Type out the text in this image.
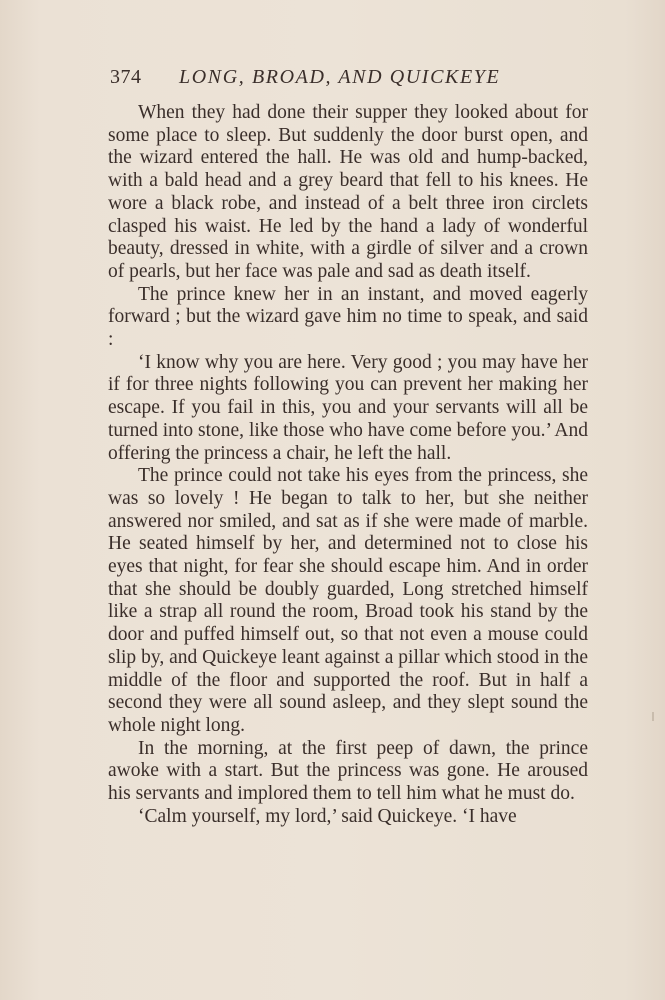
374 LONG, BROAD, AND QUICKEYE

When they had done their supper they looked about for some place to sleep. But suddenly the door burst open, and the wizard entered the hall. He was old and hump-backed, with a bald head and a grey beard that fell to his knees. He wore a black robe, and instead of a belt three iron circlets clasped his waist. He led by the hand a lady of wonderful beauty, dressed in white, with a girdle of silver and a crown of pearls, but her face was pale and sad as death itself.

The prince knew her in an instant, and moved eagerly forward ; but the wizard gave him no time to speak, and said :

‘I know why you are here. Very good ; you may have her if for three nights following you can prevent her making her escape. If you fail in this, you and your servants will all be turned into stone, like those who have come before you.’ And offering the princess a chair, he left the hall.

The prince could not take his eyes from the princess, she was so lovely ! He began to talk to her, but she neither answered nor smiled, and sat as if she were made of marble. He seated himself by her, and determined not to close his eyes that night, for fear she should escape him. And in order that she should be doubly guarded, Long stretched himself like a strap all round the room, Broad took his stand by the door and puffed himself out, so that not even a mouse could slip by, and Quickeye leant against a pillar which stood in the middle of the floor and supported the roof. But in half a second they were all sound asleep, and they slept sound the whole night long.

In the morning, at the first peep of dawn, the prince awoke with a start. But the princess was gone. He aroused his servants and implored them to tell him what he must do.

‘Calm yourself, my lord,’ said Quickeye. ‘I have
